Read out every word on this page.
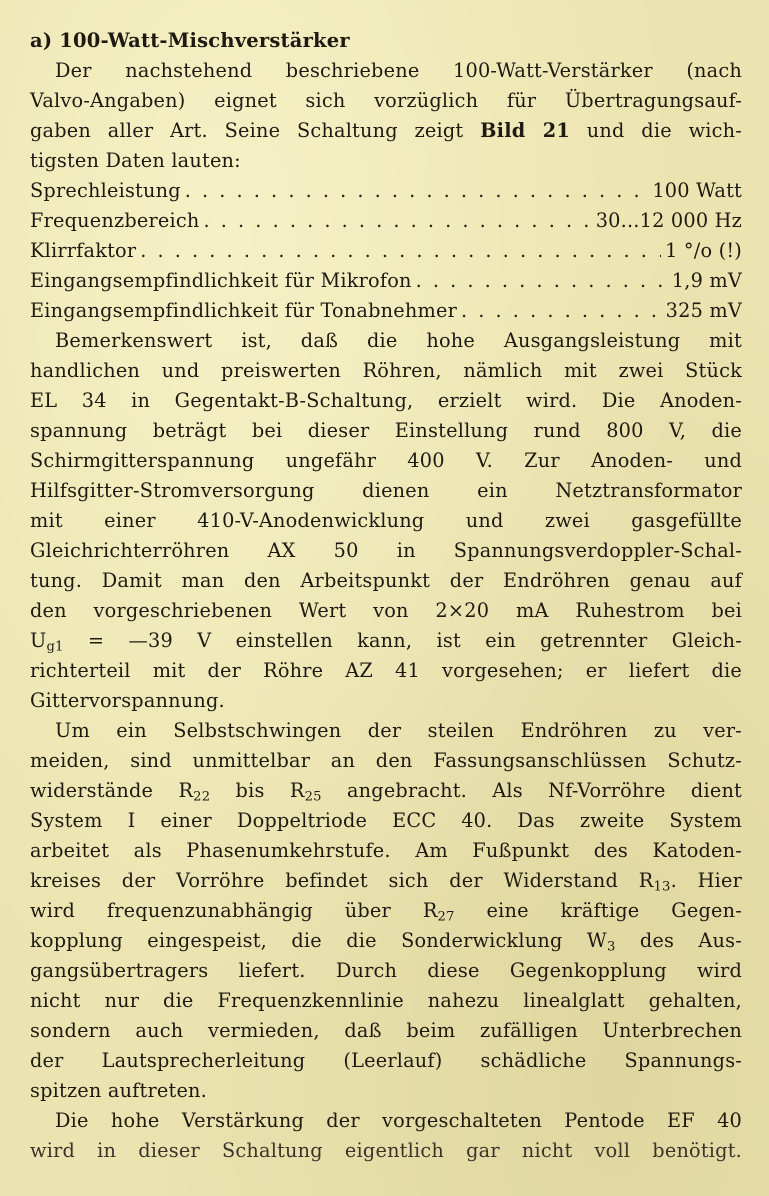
a) 100-Watt-Mischverstärker
Der nachstehend beschriebene 100-Watt-Verstärker (nach
Valvo-Angaben) eignet sich vorzüglich für Übertragungsauf-
gaben aller Art. Seine Schaltung zeigt Bild 21 und die wich-
tigsten Daten lauten:
Sprechleistung . . .	100 Watt
Frequenzbereich . . .	30...12 000 Hz
Klirrfaktor . . .	1 °/o (!)
Eingangsempfindlichkeit für Mikrofon . . .	1,9 mV
Eingangsempfindlichkeit für Tonabnehmer . . .	325 mV
Bemerkenswert ist, daß die hohe Ausgangsleistung mit
handlichen und preiswerten Röhren, nämlich mit zwei Stück
EL 34 in Gegentakt-B-Schaltung, erzielt wird. Die Anoden-
spannung beträgt bei dieser Einstellung rund 800 V, die
Schirmgitterspannung ungefähr 400 V. Zur Anoden- und
Hilfsgitter-Stromversorgung dienen ein Netztransformator
mit einer 410-V-Anodenwicklung und zwei gasgefüllte
Gleichrichterröhren AX 50 in Spannungsverdoppler-Schal-
tung. Damit man den Arbeitspunkt der Endröhren genau auf
den vorgeschriebenen Wert von 2×20 mA Ruhestrom bei
$U_{g1}$ = —39 V einstellen kann, ist ein getrennter Gleich-
richterteil mit der Röhre AZ 41 vorgesehen; er liefert die
Gittervorspannung.
Um ein Selbstschwingen der steilen Endröhren zu ver-
meiden, sind unmittelbar an den Fassungsanschlüssen Schutz-
widerstände $R_{22}$ bis $R_{25}$ angebracht. Als Nf-Vorröhre dient
System I einer Doppeltriode ECC 40. Das zweite System
arbeitet als Phasenumkehrstufe. Am Fußpunkt des Katoden-
kreises der Vorröhre befindet sich der Widerstand $R_{13}$. Hier
wird frequenzunabhängig über $R_{27}$ eine kräftige Gegen-
kopplung eingespeist, die die Sonderwicklung $W_3$ des Aus-
gangsübertragers liefert. Durch diese Gegenkopplung wird
nicht nur die Frequenzkennlinie nahezu linealglatt gehalten,
sondern auch vermieden, daß beim zufälligen Unterbrechen
der Lautsprecherleitung (Leerlauf) schädliche Spannungs-
spitzen auftreten.
Die hohe Verstärkung der vorgeschalteten Pentode EF 40
wird in dieser Schaltung eigentlich gar nicht voll benötigt.
